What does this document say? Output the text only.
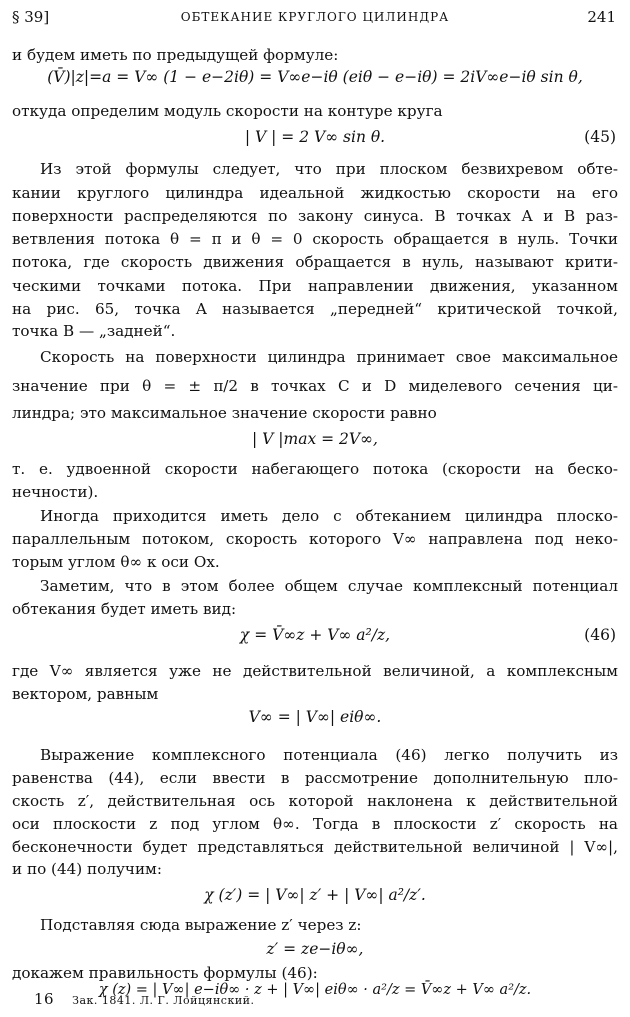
§ 39]	ОБТЕКАНИЕ КРУГЛОГО ЦИЛИНДРА	241
и будем иметь по предыдущей формуле:
(V̄)|z|=a = V∞ (1 − e−2iθ) = V∞e−iθ (eiθ − e−iθ) = 2iV∞e−iθ sin θ,
откуда определим модуль скорости на контуре круга
| V | = 2 V∞ sin θ.	(45)
Из этой формулы следует, что при плоском безвихревом обте-
кании круглого цилиндра идеальной жидкостью скорости на его
поверхности распределяются по закону синуса. В точках A и B раз-
ветвления потока θ = π и θ = 0 скорость обращается в нуль. Точки
потока, где скорость движения обращается в нуль, называют крити-
ческими точками потока. При направлении движения, указанном
на рис. 65, точка A называется „передней“ критической точкой,
точка B — „задней“.
Скорость на поверхности цилиндра принимает свое максимальное
значение при θ = ± π/2 в точках C и D миделевого сечения ци-
линдра; это максимальное значение скорости равно
| V |max = 2V∞,
т. е. удвоенной скорости набегающего потока (скорости на беско-
нечности).
Иногда приходится иметь дело с обтеканием цилиндра плоско-
параллельным потоком, скорость которого V∞ направлена под неко-
торым углом θ∞ к оси Ox.
Заметим, что в этом более общем случае комплексный потенциал
обтекания будет иметь вид:
χ = V̄∞z + V∞ a²/z,	(46)
где V∞ является уже не действительной величиной, а комплексным
вектором, равным
V∞ = | V∞| eiθ∞.
Выражение комплексного потенциала (46) легко получить из
равенства (44), если ввести в рассмотрение дополнительную пло-
скость z′, действительная ось которой наклонена к действительной
оси плоскости z под углом θ∞. Тогда в плоскости z′ скорость на
бесконечности будет представляться действительной величиной | V∞|,
и по (44) получим:
χ (z′) = | V∞| z′ + | V∞| a²/z′.
Подставляя сюда выражение z′ через z:
z′ = ze−iθ∞,
докажем правильность формулы (46):
χ (z) = | V∞| e−iθ∞ · z + | V∞| eiθ∞ · a²/z = V̄∞z + V∞ a²/z.
16 Зак. 1841. Л. Г. Лойцянский.
